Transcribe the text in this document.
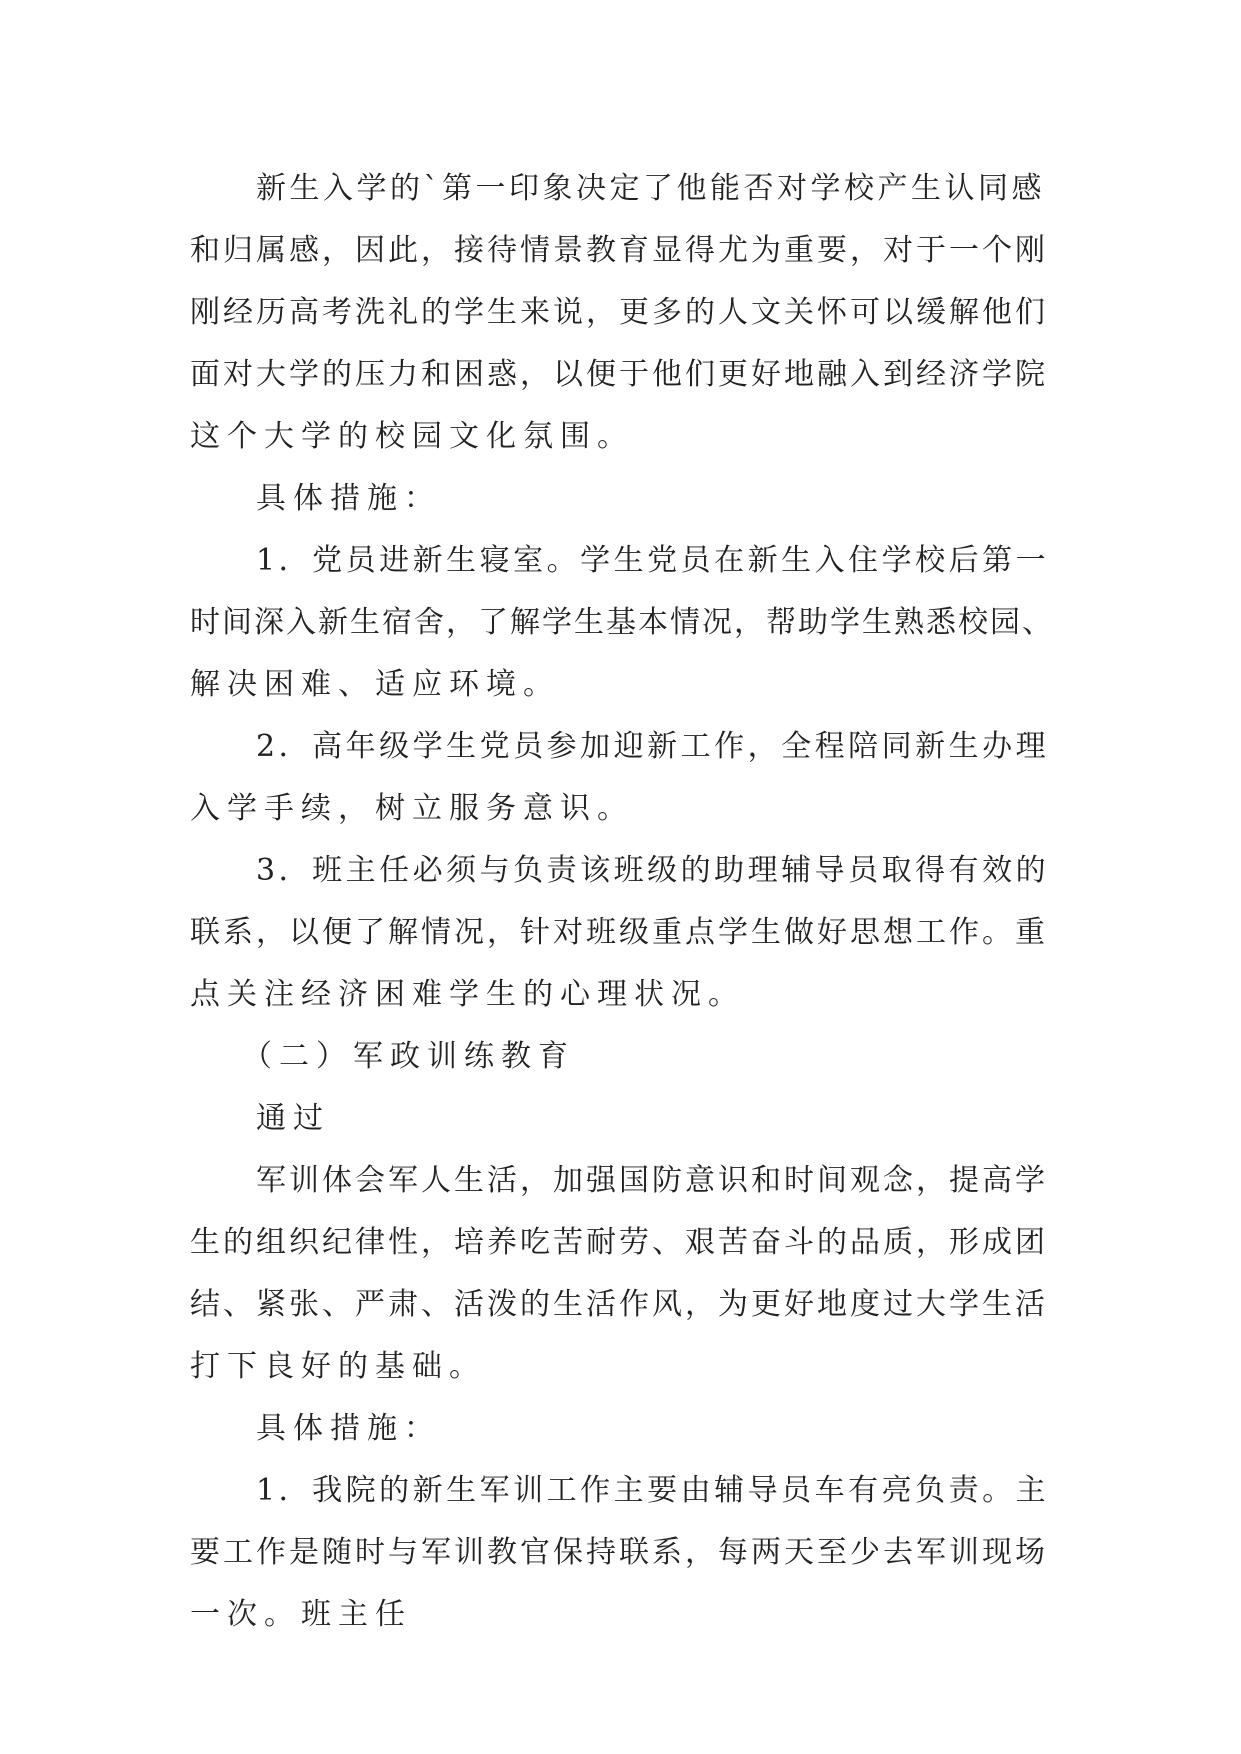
新生入学的`第一印象决定了他能否对学校产生认同感
和归属感，因此，接待情景教育显得尤为重要，对于一个刚
刚经历高考洗礼的学生来说，更多的人文关怀可以缓解他们
面对大学的压力和困惑，以便于他们更好地融入到经济学院
这个大学的校园文化氛围。
具体措施：
1．党员进新生寝室。学生党员在新生入住学校后第一
时间深入新生宿舍，了解学生基本情况，帮助学生熟悉校园、
解决困难、适应环境。
2．高年级学生党员参加迎新工作，全程陪同新生办理
入学手续，树立服务意识。
3．班主任必须与负责该班级的助理辅导员取得有效的
联系，以便了解情况，针对班级重点学生做好思想工作。重
点关注经济困难学生的心理状况。
（二）军政训练教育
通过
军训体会军人生活，加强国防意识和时间观念，提高学
生的组织纪律性，培养吃苦耐劳、艰苦奋斗的品质，形成团
结、紧张、严肃、活泼的生活作风，为更好地度过大学生活
打下良好的基础。
具体措施：
1．我院的新生军训工作主要由辅导员车有亮负责。主
要工作是随时与军训教官保持联系，每两天至少去军训现场
一次。班主任
